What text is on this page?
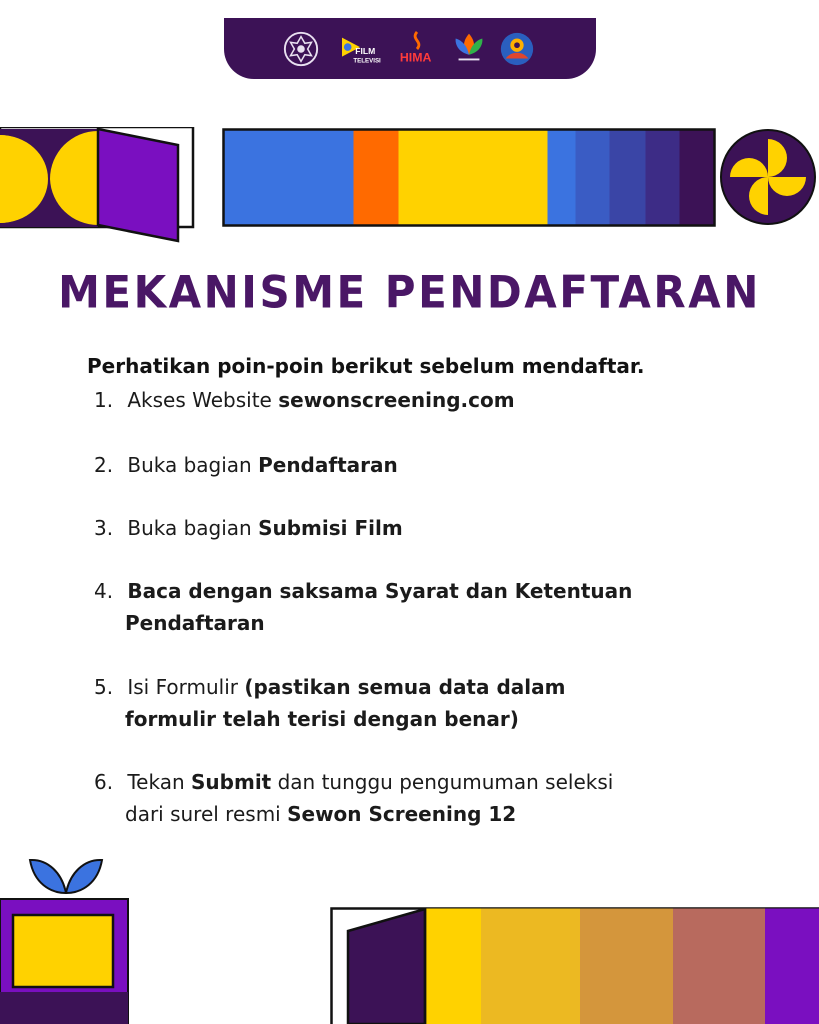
FILM
TELEVISI HIMA
MEKANISME PENDAFTARAN
Perhatikan poin-poin berikut sebelum mendaftar.
1. Akses Website sewonscreening.com
2. Buka bagian Pendaftaran
3. Buka bagian Submisi Film
4. Baca dengan saksama Syarat dan Ketentuan
Pendaftaran
5. Isi Formulir (pastikan semua data dalam
formulir telah terisi dengan benar)
6. Tekan Submit dan tunggu pengumuman seleksi
dari surel resmi Sewon Screening 12
